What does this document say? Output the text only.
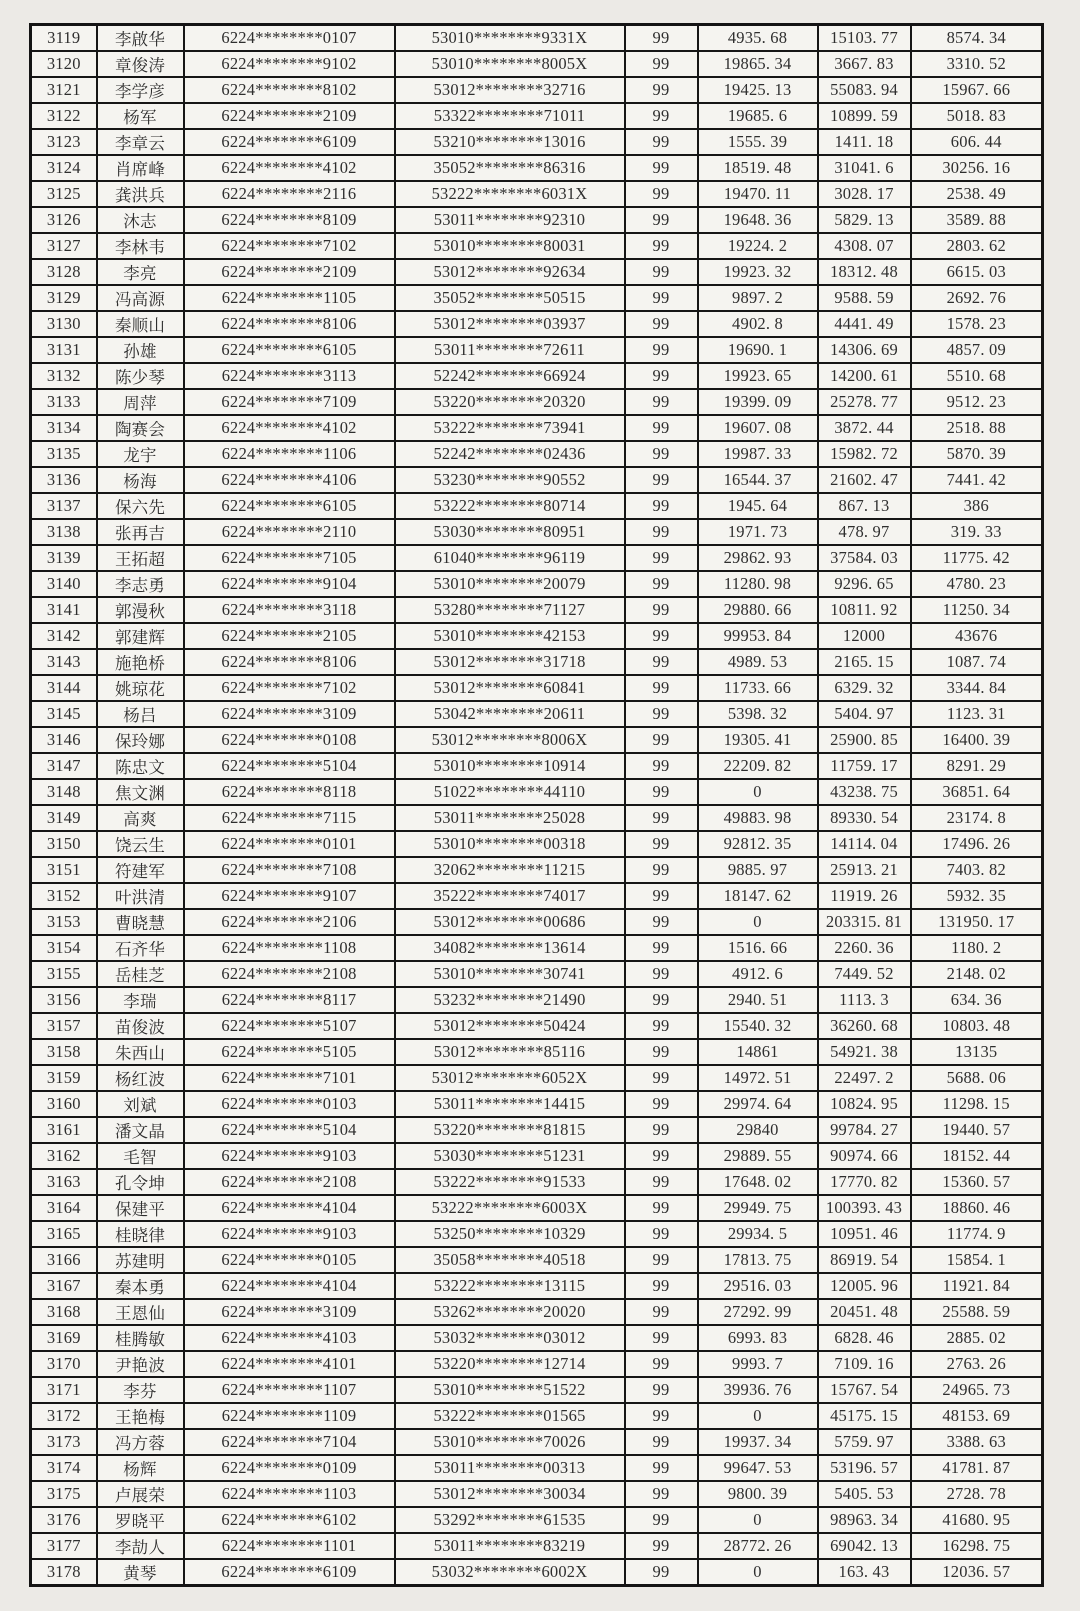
3119	李啟华	6224********0107	53010********9331X	99	4935. 68	15103. 77	8574. 34
3120	章俊涛	6224********9102	53010********8005X	99	19865. 34	3667. 83	3310. 52
3121	李学彦	6224********8102	53012********32716	99	19425. 13	55083. 94	15967. 66
3122	杨军	6224********2109	53322********71011	99	19685. 6	10899. 59	5018. 83
3123	李章云	6224********6109	53210********13016	99	1555. 39	1411. 18	606. 44
3124	肖席峰	6224********4102	35052********86316	99	18519. 48	31041. 6	30256. 16
3125	龚洪兵	6224********2116	53222********6031X	99	19470. 11	3028. 17	2538. 49
3126	沐志	6224********8109	53011********92310	99	19648. 36	5829. 13	3589. 88
3127	李林韦	6224********7102	53010********80031	99	19224. 2	4308. 07	2803. 62
3128	李亮	6224********2109	53012********92634	99	19923. 32	18312. 48	6615. 03
3129	冯高源	6224********1105	35052********50515	99	9897. 2	9588. 59	2692. 76
3130	秦顺山	6224********8106	53012********03937	99	4902. 8	4441. 49	1578. 23
3131	孙雄	6224********6105	53011********72611	99	19690. 1	14306. 69	4857. 09
3132	陈少琴	6224********3113	52242********66924	99	19923. 65	14200. 61	5510. 68
3133	周萍	6224********7109	53220********20320	99	19399. 09	25278. 77	9512. 23
3134	陶赛会	6224********4102	53222********73941	99	19607. 08	3872. 44	2518. 88
3135	龙宇	6224********1106	52242********02436	99	19987. 33	15982. 72	5870. 39
3136	杨海	6224********4106	53230********90552	99	16544. 37	21602. 47	7441. 42
3137	保六先	6224********6105	53222********80714	99	1945. 64	867. 13	386
3138	张再吉	6224********2110	53030********80951	99	1971. 73	478. 97	319. 33
3139	王拓超	6224********7105	61040********96119	99	29862. 93	37584. 03	11775. 42
3140	李志勇	6224********9104	53010********20079	99	11280. 98	9296. 65	4780. 23
3141	郭漫秋	6224********3118	53280********71127	99	29880. 66	10811. 92	11250. 34
3142	郭建辉	6224********2105	53010********42153	99	99953. 84	12000	43676
3143	施艳桥	6224********8106	53012********31718	99	4989. 53	2165. 15	1087. 74
3144	姚琼花	6224********7102	53012********60841	99	11733. 66	6329. 32	3344. 84
3145	杨吕	6224********3109	53042********20611	99	5398. 32	5404. 97	1123. 31
3146	保玲娜	6224********0108	53012********8006X	99	19305. 41	25900. 85	16400. 39
3147	陈忠文	6224********5104	53010********10914	99	22209. 82	11759. 17	8291. 29
3148	焦文渊	6224********8118	51022********44110	99	0	43238. 75	36851. 64
3149	高爽	6224********7115	53011********25028	99	49883. 98	89330. 54	23174. 8
3150	饶云生	6224********0101	53010********00318	99	92812. 35	14114. 04	17496. 26
3151	符建军	6224********7108	32062********11215	99	9885. 97	25913. 21	7403. 82
3152	叶洪清	6224********9107	35222********74017	99	18147. 62	11919. 26	5932. 35
3153	曹晓慧	6224********2106	53012********00686	99	0	203315. 81	131950. 17
3154	石齐华	6224********1108	34082********13614	99	1516. 66	2260. 36	1180. 2
3155	岳桂芝	6224********2108	53010********30741	99	4912. 6	7449. 52	2148. 02
3156	李瑞	6224********8117	53232********21490	99	2940. 51	1113. 3	634. 36
3157	苗俊波	6224********5107	53012********50424	99	15540. 32	36260. 68	10803. 48
3158	朱西山	6224********5105	53012********85116	99	14861	54921. 38	13135
3159	杨红波	6224********7101	53012********6052X	99	14972. 51	22497. 2	5688. 06
3160	刘斌	6224********0103	53011********14415	99	29974. 64	10824. 95	11298. 15
3161	潘文晶	6224********5104	53220********81815	99	29840	99784. 27	19440. 57
3162	毛智	6224********9103	53030********51231	99	29889. 55	90974. 66	18152. 44
3163	孔令坤	6224********2108	53222********91533	99	17648. 02	17770. 82	15360. 57
3164	保建平	6224********4104	53222********6003X	99	29949. 75	100393. 43	18860. 46
3165	桂晓律	6224********9103	53250********10329	99	29934. 5	10951. 46	11774. 9
3166	苏建明	6224********0105	35058********40518	99	17813. 75	86919. 54	15854. 1
3167	秦本勇	6224********4104	53222********13115	99	29516. 03	12005. 96	11921. 84
3168	王恩仙	6224********3109	53262********20020	99	27292. 99	20451. 48	25588. 59
3169	桂腾敏	6224********4103	53032********03012	99	6993. 83	6828. 46	2885. 02
3170	尹艳波	6224********4101	53220********12714	99	9993. 7	7109. 16	2763. 26
3171	李芬	6224********1107	53010********51522	99	39936. 76	15767. 54	24965. 73
3172	王艳梅	6224********1109	53222********01565	99	0	45175. 15	48153. 69
3173	冯方蓉	6224********7104	53010********70026	99	19937. 34	5759. 97	3388. 63
3174	杨辉	6224********0109	53011********00313	99	99647. 53	53196. 57	41781. 87
3175	卢展荣	6224********1103	53012********30034	99	9800. 39	5405. 53	2728. 78
3176	罗晓平	6224********6102	53292********61535	99	0	98963. 34	41680. 95
3177	李劼人	6224********1101	53011********83219	99	28772. 26	69042. 13	16298. 75
3178	黄琴	6224********6109	53032********6002X	99	0	163. 43	12036. 57
